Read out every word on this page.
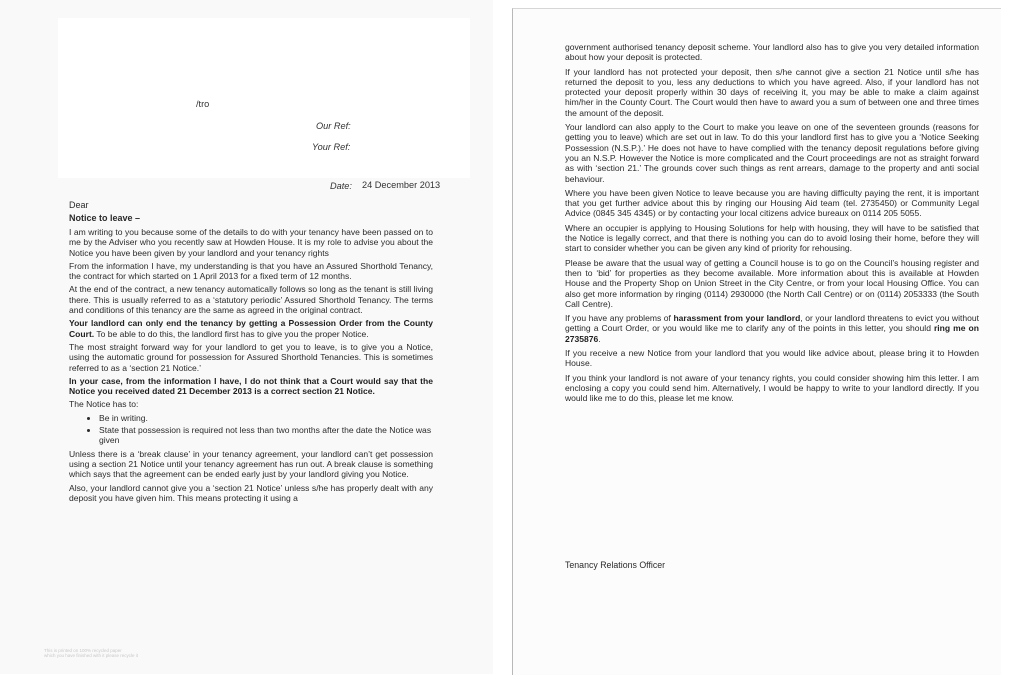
/tro
Our Ref:
Your Ref:
Date: 24 December 2013

Dear

Notice to leave –

I am writing to you because some of the details to do with your tenancy have been passed on to me by the Adviser who you recently saw at Howden House. It is my role to advise you about the Notice you have been given by your landlord and your tenancy rights

From the information I have, my understanding is that you have an Assured Shorthold Tenancy, the contract for which started on 1 April 2013 for a fixed term of 12 months.

At the end of the contract, a new tenancy automatically follows so long as the tenant is still living there. This is usually referred to as a ‘statutory periodic’ Assured Shorthold Tenancy. The terms and conditions of this tenancy are the same as agreed in the original contract.

Your landlord can only end the tenancy by getting a Possession Order from the County Court. To be able to do this, the landlord first has to give you the proper Notice.

The most straight forward way for your landlord to get you to leave, is to give you a Notice, using the automatic ground for possession for Assured Shorthold Tenancies. This is sometimes referred to as a ‘section 21 Notice.’

In your case, from the information I have, I do not think that a Court would say that the Notice you received dated 21 December 2013 is a correct section 21 Notice.

The Notice has to:

• Be in writing.
• State that possession is required not less than two months after the date the Notice was given

Unless there is a ‘break clause’ in your tenancy agreement, your landlord can’t get possession using a section 21 Notice until your tenancy agreement has run out. A break clause is something which says that the agreement can be ended early just by your landlord giving you Notice.

Also, your landlord cannot give you a ‘section 21 Notice’ unless s/he has properly dealt with any deposit you have given him. This means protecting it using a

This is printed on 100% recycled paper
which you have finished with it please recycle it

government authorised tenancy deposit scheme. Your landlord also has to give you very detailed information about how your deposit is protected.

If your landlord has not protected your deposit, then s/he cannot give a section 21 Notice until s/he has returned the deposit to you, less any deductions to which you have agreed. Also, if your landlord has not protected your deposit properly within 30 days of receiving it, you may be able to make a claim against him/her in the County Court. The Court would then have to award you a sum of between one and three times the amount of the deposit.

Your landlord can also apply to the Court to make you leave on one of the seventeen grounds (reasons for getting you to leave) which are set out in law. To do this your landlord first has to give you a ‘Notice Seeking Possession (N.S.P.).’ He does not have to have complied with the tenancy deposit regulations before giving you an N.S.P. However the Notice is more complicated and the Court proceedings are not as straight forward as with ‘section 21.’ The grounds cover such things as rent arrears, damage to the property and anti social behaviour.

Where you have been given Notice to leave because you are having difficulty paying the rent, it is important that you get further advice about this by ringing our Housing Aid team (tel. 2735450) or Community Legal Advice (0845 345 4345) or by contacting your local citizens advice bureaux on 0114 205 5055.

Where an occupier is applying to Housing Solutions for help with housing, they will have to be satisfied that the Notice is legally correct, and that there is nothing you can do to avoid losing their home, before they will start to consider whether you can be given any kind of priority for rehousing.

Please be aware that the usual way of getting a Council house is to go on the Council’s housing register and then to ‘bid’ for properties as they become available. More information about this is available at Howden House and the Property Shop on Union Street in the City Centre, or from your local Housing Office. You can also get more information by ringing (0114) 2930000 (the North Call Centre) or on (0114) 2053333 (the South Call Centre).

If you have any problems of harassment from your landlord, or your landlord threatens to evict you without getting a Court Order, or you would like me to clarify any of the points in this letter, you should ring me on 2735876.

If you receive a new Notice from your landlord that you would like advice about, please bring it to Howden House.

If you think your landlord is not aware of your tenancy rights, you could consider showing him this letter. I am enclosing a copy you could send him. Alternatively, I would be happy to write to your landlord directly. If you would like me to do this, please let me know.

Tenancy Relations Officer
